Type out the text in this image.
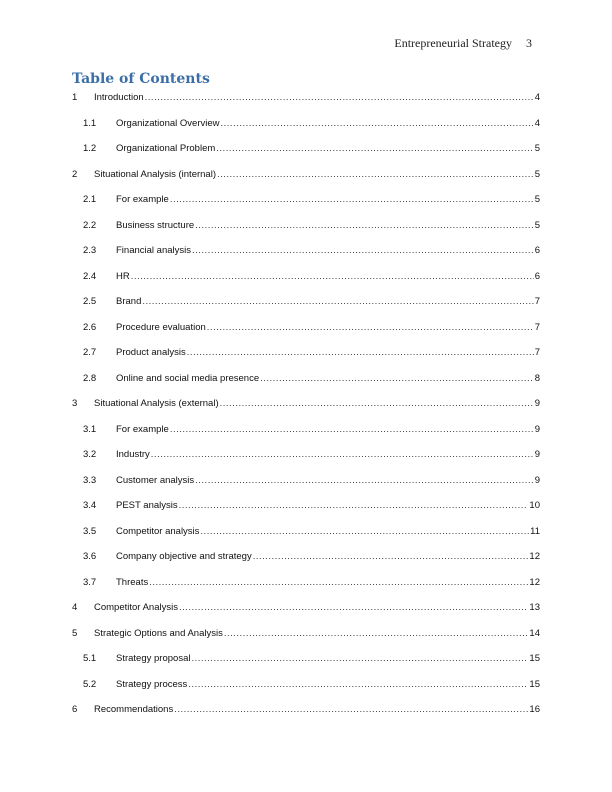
Entrepreneurial Strategy 3
Table of Contents
1	Introduction .....	4
1.1	Organizational Overview .....	4
1.2	Organizational Problem .....	5
2	Situational Analysis (internal) .....	5
2.1	For example .....	5
2.2	Business structure .....	5
2.3	Financial analysis .....	6
2.4	HR .....	6
2.5	Brand .....	7
2.6	Procedure evaluation .....	7
2.7	Product analysis .....	7
2.8	Online and social media presence .....	8
3	Situational Analysis (external) .....	9
3.1	For example .....	9
3.2	Industry .....	9
3.3	Customer analysis .....	9
3.4	PEST analysis .....	10
3.5	Competitor analysis .....	11
3.6	Company objective and strategy .....	12
3.7	Threats .....	12
4	Competitor Analysis .....	13
5	Strategic Options and Analysis .....	14
5.1	Strategy proposal .....	15
5.2	Strategy process .....	15
6	Recommendations .....	16
